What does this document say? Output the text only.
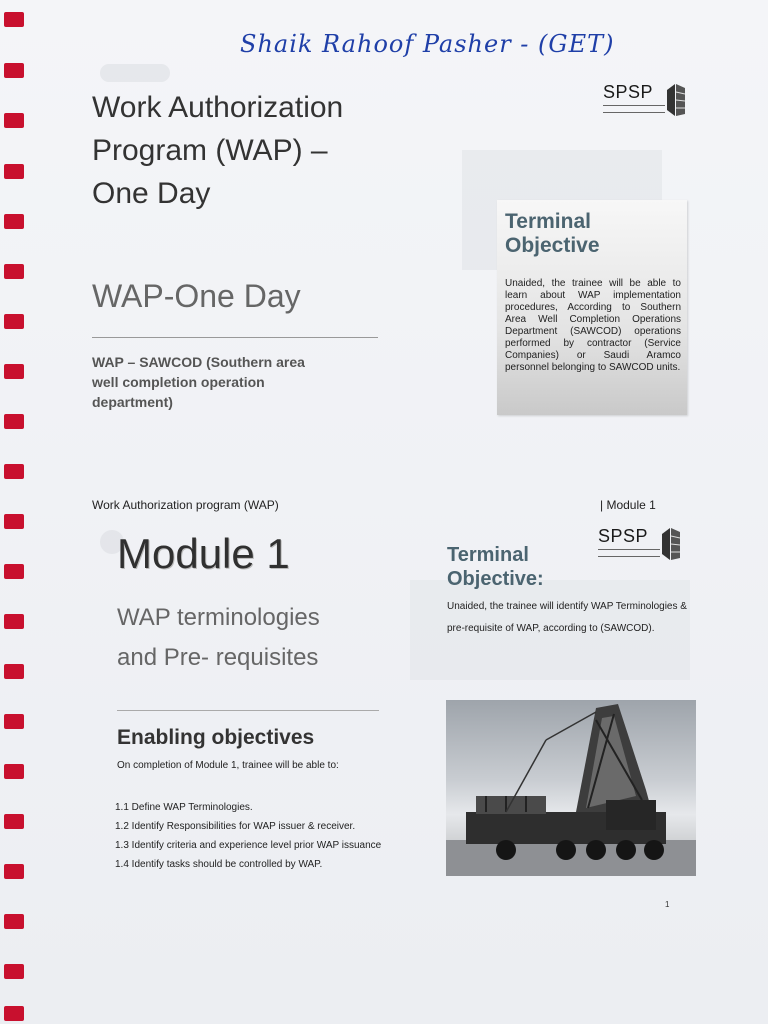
Shaik Rahoof Pasher - (GET)
Work Authorization
Program (WAP) –
One Day
SPSP
WAP-One Day
WAP – SAWCOD (Southern area well completion operation department)
Terminal
Objective
Unaided, the trainee will be able to learn about WAP implementation procedures, According to Southern Area Well Completion Operations Department (SAWCOD) operations performed by contractor (Service Companies) or Saudi Aramco personnel belonging to SAWCOD units.
Work Authorization program (WAP)	| Module 1
SPSP
Module 1
WAP terminologies
and Pre- requisites
Enabling objectives
On completion of Module 1, trainee will be able to:
1.1 Define WAP Terminologies.
1.2 Identify Responsibilities for WAP issuer & receiver.
1.3 Identify criteria and experience level prior WAP issuance
1.4 Identify tasks should be controlled by WAP.
Terminal
Objective:
Unaided, the trainee will identify WAP Terminologies & pre-requisite of WAP, according to (SAWCOD).
1
